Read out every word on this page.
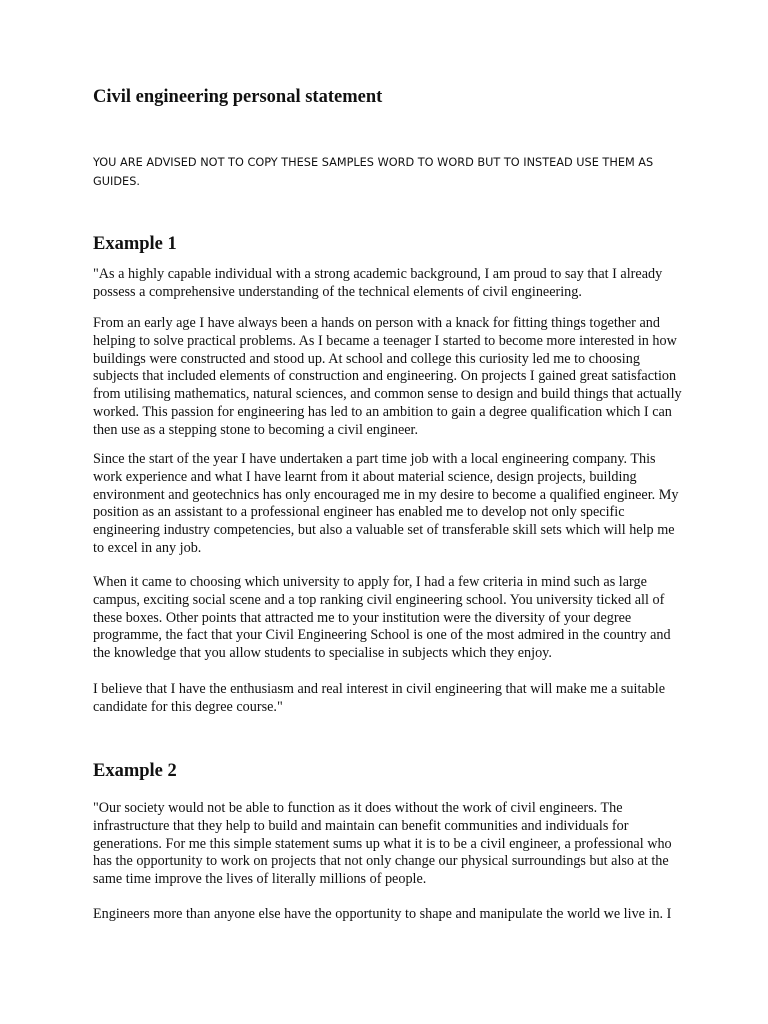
Civil engineering personal statement

YOU ARE ADVISED NOT TO COPY THESE SAMPLES WORD TO WORD BUT TO INSTEAD USE THEM AS GUIDES.

Example 1

"As a highly capable individual with a strong academic background, I am proud to say that I already possess a comprehensive understanding of the technical elements of civil engineering.

From an early age I have always been a hands on person with a knack for fitting things together and helping to solve practical problems. As I became a teenager I started to become more interested in how buildings were constructed and stood up. At school and college this curiosity led me to choosing subjects that included elements of construction and engineering. On projects I gained great satisfaction from utilising mathematics, natural sciences, and common sense to design and build things that actually worked. This passion for engineering has led to an ambition to gain a degree qualification which I can then use as a stepping stone to becoming a civil engineer.

Since the start of the year I have undertaken a part time job with a local engineering company. This work experience and what I have learnt from it about material science, design projects, building environment and geotechnics has only encouraged me in my desire to become a qualified engineer. My position as an assistant to a professional engineer has enabled me to develop not only specific engineering industry competencies, but also a valuable set of transferable skill sets which will help me to excel in any job.

When it came to choosing which university to apply for, I had a few criteria in mind such as large campus, exciting social scene and a top ranking civil engineering school. You university ticked all of these boxes. Other points that attracted me to your institution were the diversity of your degree programme, the fact that your Civil Engineering School is one of the most admired in the country and the knowledge that you allow students to specialise in subjects which they enjoy.

I believe that I have the enthusiasm and real interest in civil engineering that will make me a suitable candidate for this degree course."

Example 2

"Our society would not be able to function as it does without the work of civil engineers. The infrastructure that they help to build and maintain can benefit communities and individuals for generations. For me this simple statement sums up what it is to be a civil engineer, a professional who has the opportunity to work on projects that not only change our physical surroundings but also at the same time improve the lives of literally millions of people.

Engineers more than anyone else have the opportunity to shape and manipulate the world we live in. I
